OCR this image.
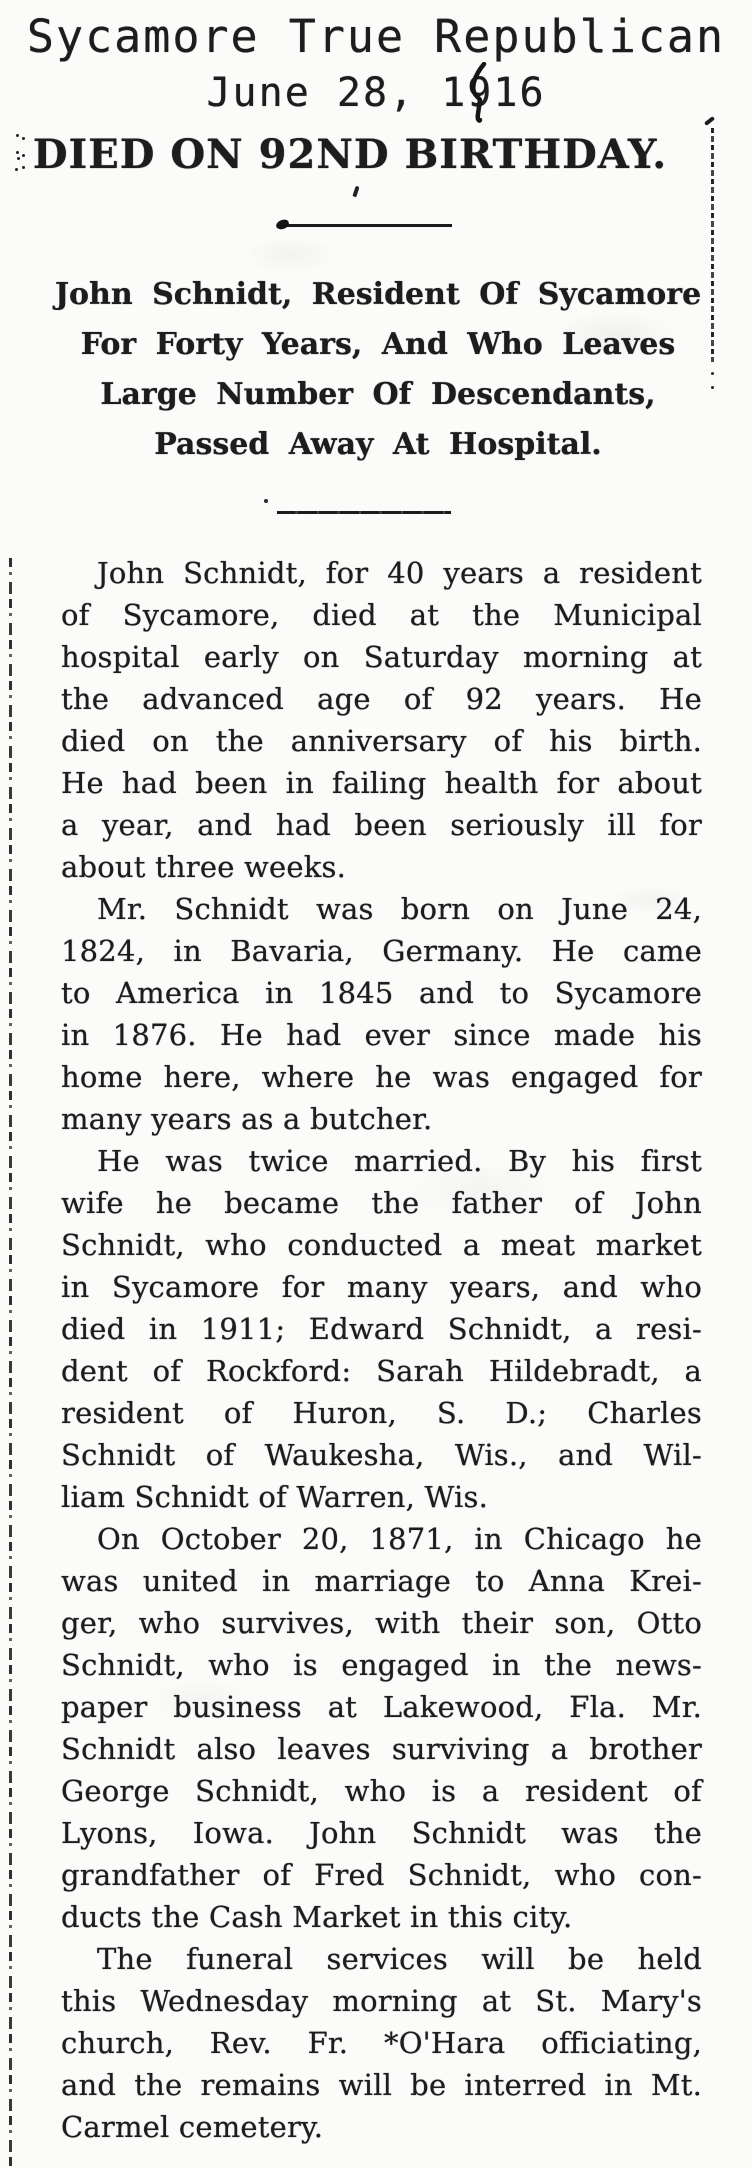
Sycamore True Republican
June 28, 1916
DIED ON 92ND BIRTHDAY.
John Schnidt, Resident Of Sycamore
For Forty Years, And Who Leaves
Large Number Of Descendants,
Passed Away At Hospital.
John Schnidt, for 40 years a resident
of Sycamore, died at the Municipal
hospital early on Saturday morning at
the advanced age of 92 years. He
died on the anniversary of his birth.
He had been in failing health for about
a year, and had been seriously ill for
about three weeks.
Mr. Schnidt was born on June 24,
1824, in Bavaria, Germany. He came
to America in 1845 and to Sycamore
in 1876. He had ever since made his
home here, where he was engaged for
many years as a butcher.
He was twice married. By his first
wife he became the father of John
Schnidt, who conducted a meat market
in Sycamore for many years, and who
died in 1911; Edward Schnidt, a resi-
dent of Rockford: Sarah Hildebradt, a
resident of Huron, S. D.; Charles
Schnidt of Waukesha, Wis., and Wil-
liam Schnidt of Warren, Wis.
On October 20, 1871, in Chicago he
was united in marriage to Anna Krei-
ger, who survives, with their son, Otto
Schnidt, who is engaged in the news-
paper business at Lakewood, Fla. Mr.
Schnidt also leaves surviving a brother
George Schnidt, who is a resident of
Lyons, Iowa. John Schnidt was the
grandfather of Fred Schnidt, who con-
ducts the Cash Market in this city.
The funeral services will be held
this Wednesday morning at St. Mary's
church, Rev. Fr. *O'Hara officiating,
and the remains will be interred in Mt.
Carmel cemetery.
